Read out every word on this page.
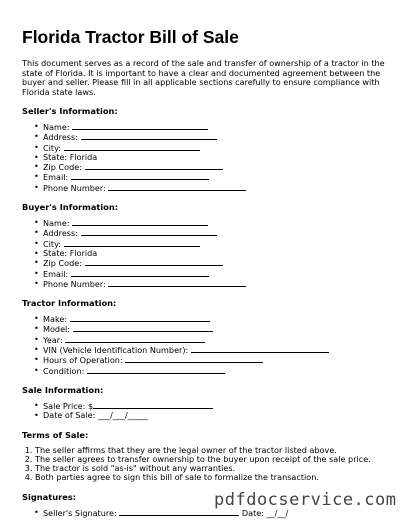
Florida Tractor Bill of Sale

This document serves as a record of the sale and transfer of ownership of a tractor in the state of Florida. It is important to have a clear and documented agreement between the buyer and seller. Please fill in all applicable sections carefully to ensure compliance with Florida state laws.

Seller's Information:
• Name:
• Address:
• City:
• State: Florida
• Zip Code:
• Email:
• Phone Number:
Buyer's Information:
• Name:
• Address:
• City:
• State: Florida
• Zip Code:
• Email:
• Phone Number:
Tractor Information:
• Make:
• Model:
• Year:
• VIN (Vehicle Identification Number):
• Hours of Operation:
• Condition:
Sale Information:
• Sale Price: $
• Date of Sale: ___/___/_____
Terms of Sale:
1. The seller affirms that they are the legal owner of the tractor listed above.
2. The seller agrees to transfer ownership to the buyer upon receipt of the sale price.
3. The tractor is sold "as-is" without any warranties.
4. Both parties agree to sign this bill of sale to formalize the transaction.
Signatures:
• Seller's Signature:	Date: __/__/
pdfdocservice.com
